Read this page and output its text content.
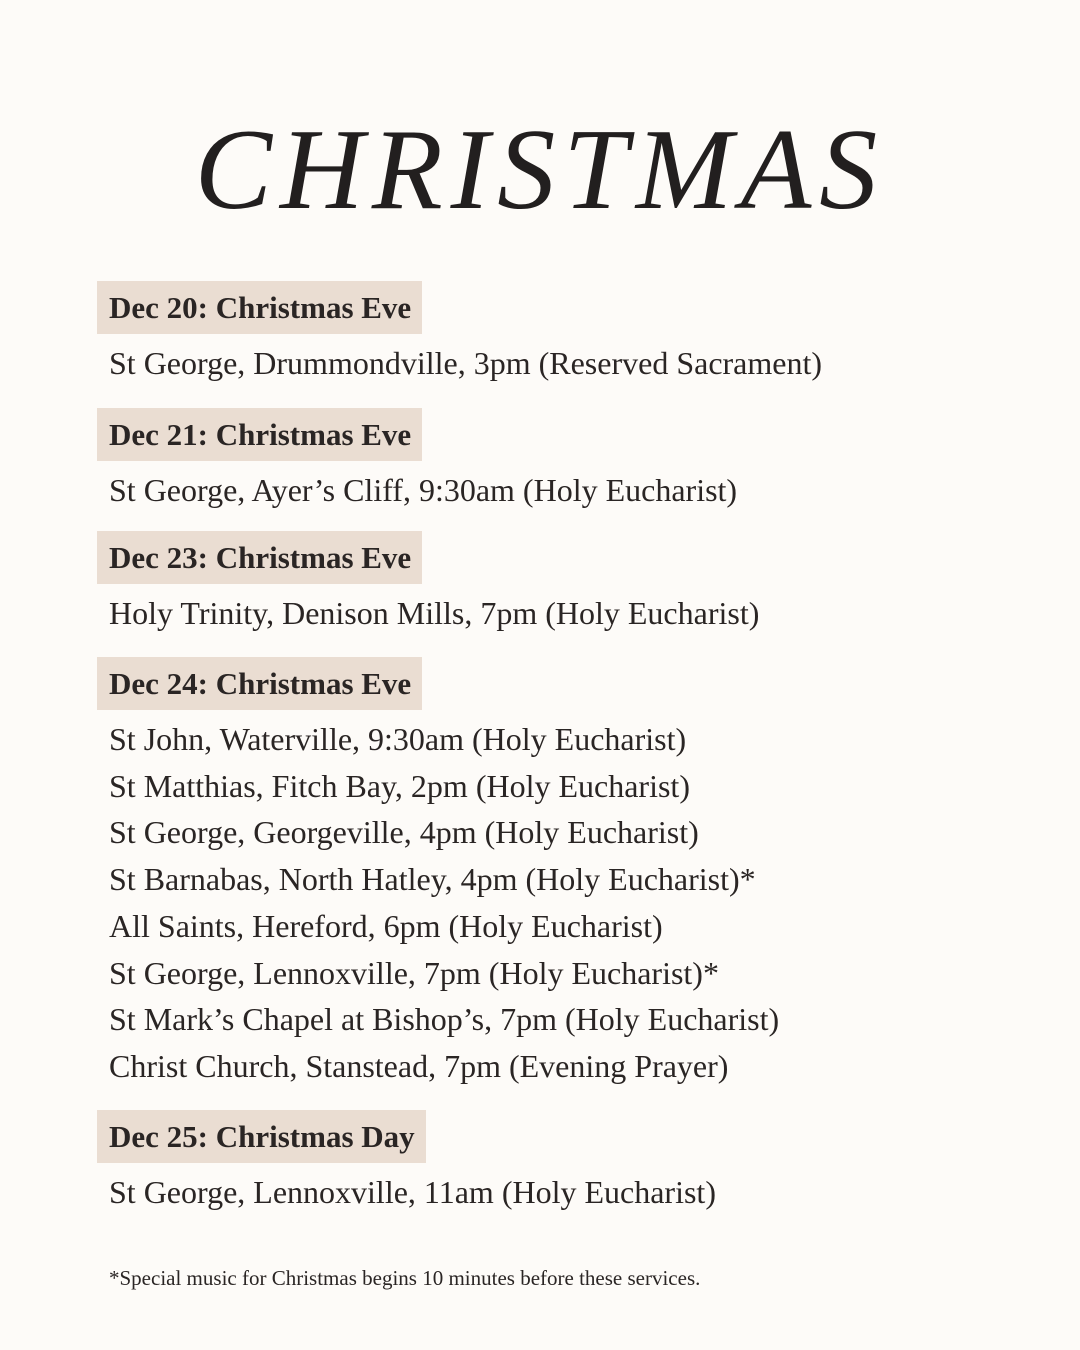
CHRISTMAS
Dec 20: Christmas Eve
St George, Drummondville, 3pm (Reserved Sacrament)
Dec 21: Christmas Eve
St George, Ayer’s Cliff, 9:30am (Holy Eucharist)
Dec 23: Christmas Eve
Holy Trinity, Denison Mills, 7pm (Holy Eucharist)
Dec 24: Christmas Eve
St John, Waterville, 9:30am (Holy Eucharist)
St Matthias, Fitch Bay, 2pm (Holy Eucharist)
St George, Georgeville, 4pm (Holy Eucharist)
St Barnabas, North Hatley, 4pm (Holy Eucharist)*
All Saints, Hereford, 6pm (Holy Eucharist)
St George, Lennoxville, 7pm (Holy Eucharist)*
St Mark’s Chapel at Bishop’s, 7pm (Holy Eucharist)
Christ Church, Stanstead, 7pm (Evening Prayer)
Dec 25: Christmas Day
St George, Lennoxville, 11am (Holy Eucharist)
*Special music for Christmas begins 10 minutes before these services.
